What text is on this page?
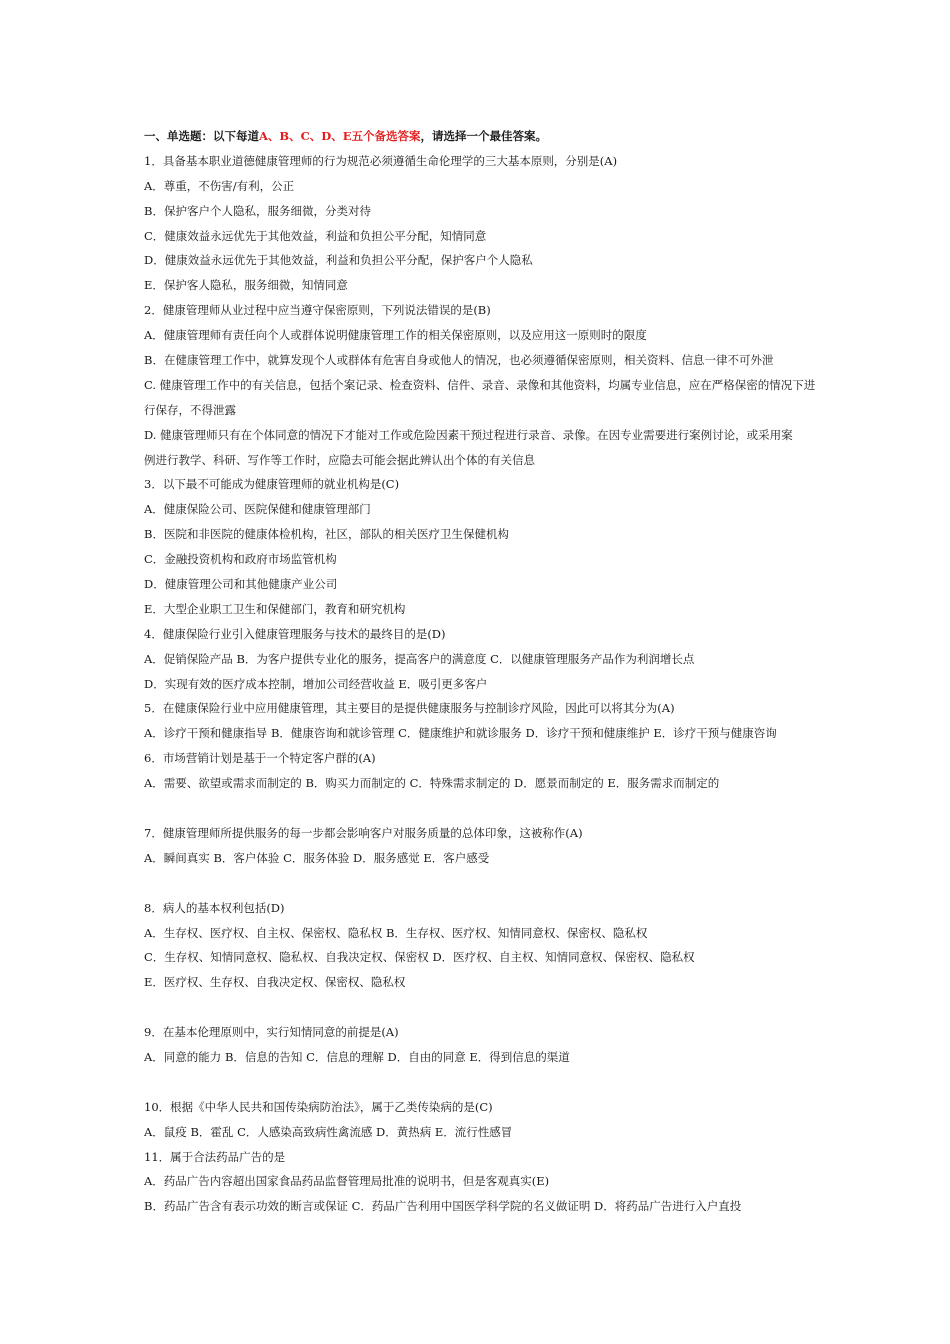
一、单选题：以下每道A、B、C、D、E五个备选答案，请选择一个最佳答案。
1．具备基本职业道德健康管理师的行为规范必须遵循生命伦理学的三大基本原则，分别是(A)
A．尊重，不伤害/有利，公正
B．保护客户个人隐私，服务细微，分类对待
C．健康效益永远优先于其他效益，利益和负担公平分配，知情同意
D．健康效益永远优先于其他效益，利益和负担公平分配，保护客户个人隐私
E．保护客人隐私，服务细微，知情同意
2．健康管理师从业过程中应当遵守保密原则，下列说法错误的是(B)
A．健康管理师有责任向个人或群体说明健康管理工作的相关保密原则，以及应用这一原则时的限度
B．在健康管理工作中，就算发现个人或群体有危害自身或他人的情况，也必须遵循保密原则，相关资料、信息一律不可外泄
C. 健康管理工作中的有关信息，包括个案记录、检查资料、信件、录音、录像和其他资料，均属专业信息，应在严格保密的情况下进
行保存，不得泄露
D. 健康管理师只有在个体同意的情况下才能对工作或危险因素干预过程进行录音、录像。在因专业需要进行案例讨论，或采用案
例进行教学、科研、写作等工作时，应隐去可能会据此辨认出个体的有关信息
3．以下最不可能成为健康管理师的就业机构是(C)
A．健康保险公司、医院保健和健康管理部门
B．医院和非医院的健康体检机构，社区，部队的相关医疗卫生保健机构
C．金融投资机构和政府市场监管机构
D．健康管理公司和其他健康产业公司
E．大型企业职工卫生和保健部门，教育和研究机构
4．健康保险行业引入健康管理服务与技术的最终目的是(D)
A．促销保险产品 B．为客户提供专业化的服务，提高客户的满意度 C．以健康管理服务产品作为利润增长点
D．实现有效的医疗成本控制，增加公司经营收益 E．吸引更多客户
5．在健康保险行业中应用健康管理，其主要目的是提供健康服务与控制诊疗风险，因此可以将其分为(A)
A．诊疗干预和健康指导 B．健康咨询和就诊管理 C．健康维护和就诊服务 D．诊疗干预和健康维护 E．诊疗干预与健康咨询
6．市场营销计划是基于一个特定客户群的(A)
A．需要、欲望或需求而制定的 B．购买力而制定的 C．特殊需求制定的 D．愿景而制定的 E．服务需求而制定的
7．健康管理师所提供服务的每一步都会影响客户对服务质量的总体印象，这被称作(A)
A．瞬间真实 B．客户体验 C．服务体验 D．服务感觉 E．客户感受
8．病人的基本权利包括(D)
A．生存权、医疗权、自主权、保密权、隐私权 B．生存权、医疗权、知情同意权、保密权、隐私权
C．生存权、知情同意权、隐私权、自我决定权、保密权 D．医疗权、自主权、知情同意权、保密权、隐私权
E．医疗权、生存权、自我决定权、保密权、隐私权
9．在基本伦理原则中，实行知情同意的前提是(A)
A．同意的能力 B．信息的告知 C．信息的理解 D．自由的同意 E．得到信息的渠道
10．根据《中华人民共和国传染病防治法》，属于乙类传染病的是(C)
A．鼠疫 B．霍乱 C．人感染高致病性禽流感 D．黄热病 E．流行性感冒
11．属于合法药品广告的是
A．药品广告内容超出国家食品药品监督管理局批准的说明书，但是客观真实(E)
B．药品广告含有表示功效的断言或保证 C．药品广告利用中国医学科学院的名义做证明 D．将药品广告进行入户直投
